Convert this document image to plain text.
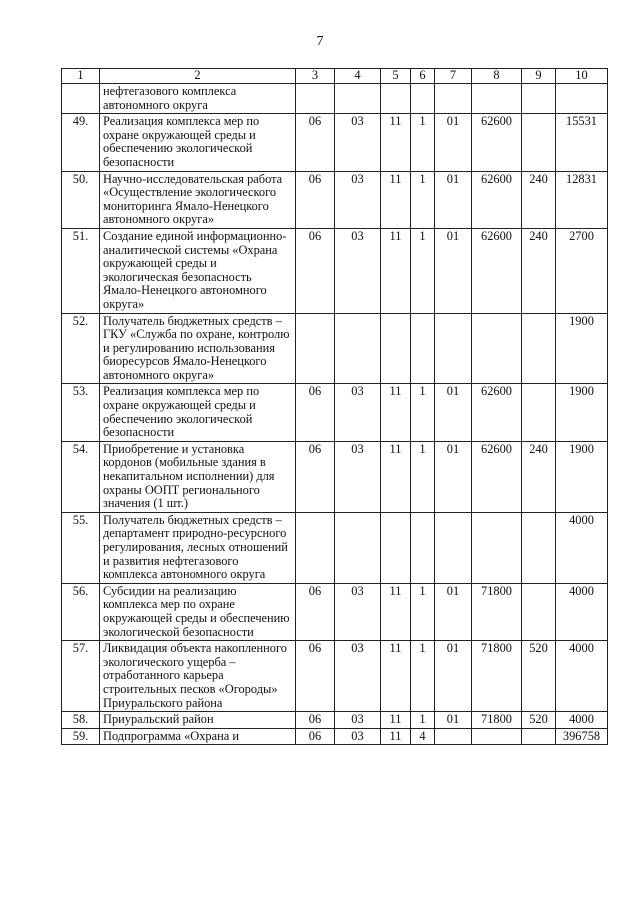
7
1	2	3	4	5	6	7	8	9	10
	нефтегазового комплекса автономного округа								
49.	Реализация комплекса мер по охране окружающей среды и обеспечению экологической безопасности	06	03	11	1	01	62600		15531
50.	Научно-исследовательская работа «Осуществление экологического мониторинга Ямало-Ненецкого автономного округа»	06	03	11	1	01	62600	240	12831
51.	Создание единой информационно-аналитической системы «Охрана окружающей среды и экологическая безопасность Ямало-Ненецкого автономного округа»	06	03	11	1	01	62600	240	2700
52.	Получатель бюджетных средств – ГКУ «Служба по охране, контролю и регулированию использования биоресурсов Ямало-Ненецкого автономного округа»								1900
53.	Реализация комплекса мер по охране окружающей среды и обеспечению экологической безопасности	06	03	11	1	01	62600		1900
54.	Приобретение и установка кордонов (мобильные здания в некапитальном исполнении) для охраны ООПТ регионального значения (1 шт.)	06	03	11	1	01	62600	240	1900
55.	Получатель бюджетных средств – департамент природно-ресурсного регулирования, лесных отношений и развития нефтегазового комплекса автономного округа								4000
56.	Субсидии на реализацию комплекса мер по охране окружающей среды и обеспечению экологической безопасности	06	03	11	1	01	71800		4000
57.	Ликвидация объекта накопленного экологического ущерба – отработанного карьера строительных песков «Огороды» Приуральского района	06	03	11	1	01	71800	520	4000
58.	Приуральский район	06	03	11	1	01	71800	520	4000
59.	Подпрограмма «Охрана и	06	03	11	4				396758
